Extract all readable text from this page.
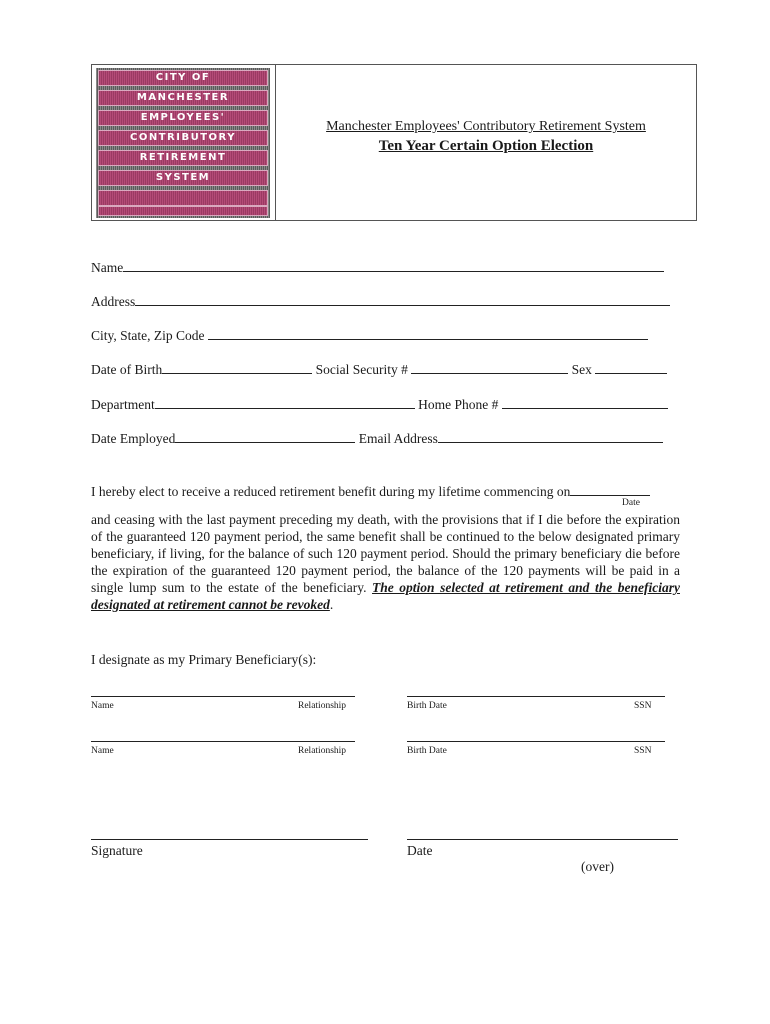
CITY OF
MANCHESTER
EMPLOYEES'
CONTRIBUTORY
RETIREMENT
SYSTEM
Manchester Employees' Contributory Retirement System
Ten Year Certain Option Election
Name
Address
City, State, Zip Code
Date of Birth	Social Security #	Sex
Department	Home Phone #
Date Employed	Email Address
I hereby elect to receive a reduced retirement benefit during my lifetime commencing on
Date
and ceasing with the last payment preceding my death, with the provisions that if I die before the expiration of the guaranteed 120 payment period, the same benefit shall be continued to the below designated primary beneficiary, if living, for the balance of such 120 payment period. Should the primary beneficiary die before the expiration of the guaranteed 120 payment period, the balance of the 120 payments will be paid in a single lump sum to the estate of the beneficiary. The option selected at retirement and the beneficiary designated at retirement cannot be revoked.
I designate as my Primary Beneficiary(s):
Name	Relationship	Birth Date	SSN
Name	Relationship	Birth Date	SSN
Signature	Date
(over)
